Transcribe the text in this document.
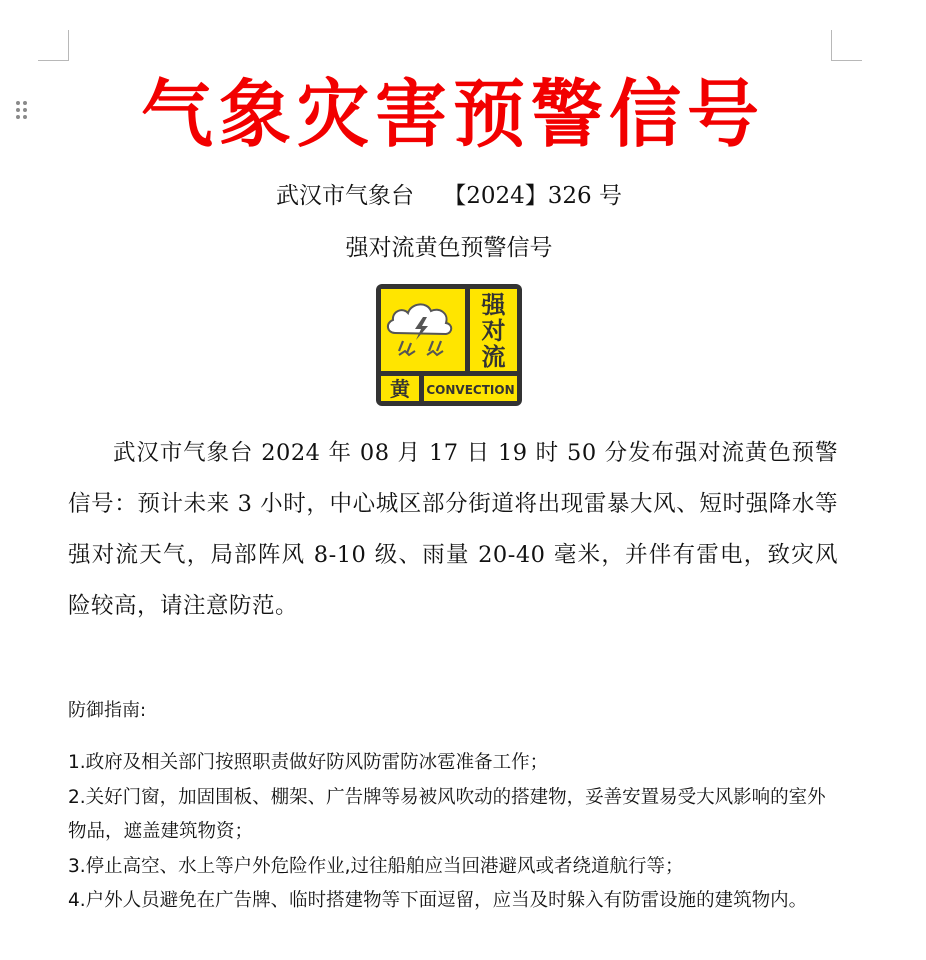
气象灾害预警信号
武汉市气象台    【2024】326 号
强对流黄色预警信号
强
对
流
黄 CONVECTION
武汉市气象台 2024 年 08 月 17 日 19 时 50 分发布强对流黄色预警信号：预计未来 3 小时，中心城区部分街道将出现雷暴大风、短时强降水等强对流天气，局部阵风 8-10 级、雨量 20-40 毫米，并伴有雷电，致灾风险较高，请注意防范。
防御指南:
1.政府及相关部门按照职责做好防风防雷防冰雹准备工作；
2.关好门窗，加固围板、棚架、广告牌等易被风吹动的搭建物，妥善安置易受大风影响的室外物品，遮盖建筑物资；
3.停止高空、水上等户外危险作业,过往船舶应当回港避风或者绕道航行等；
4.户外人员避免在广告牌、临时搭建物等下面逗留，应当及时躲入有防雷设施的建筑物内。
